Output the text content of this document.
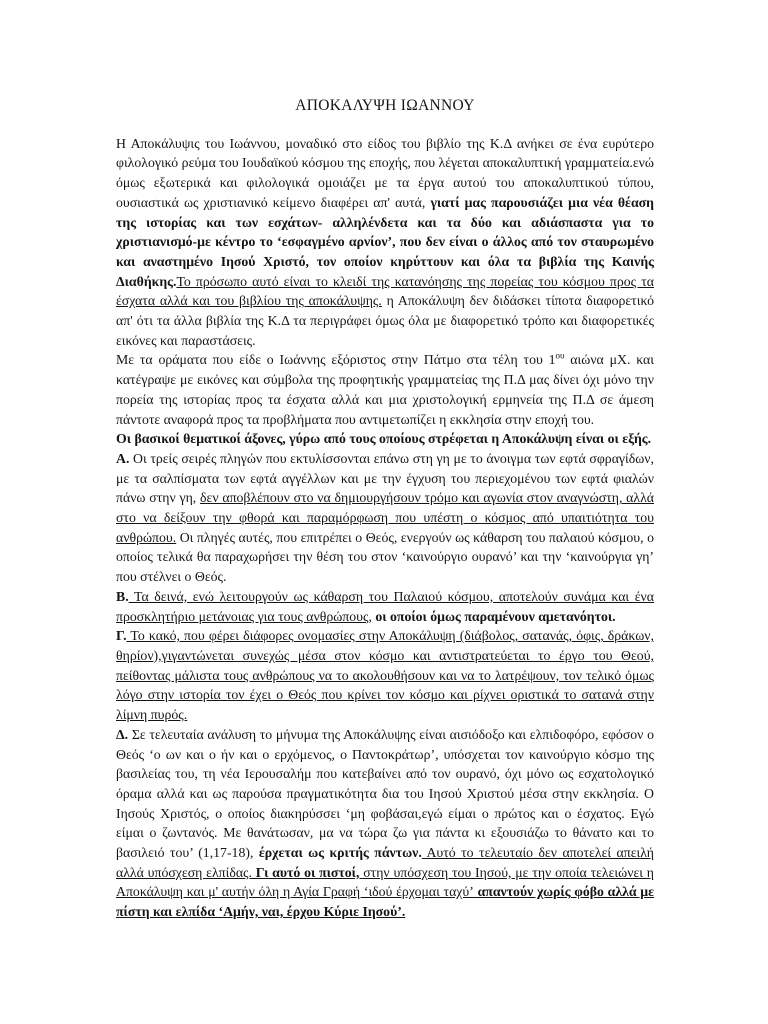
ΑΠΟΚΑΛΥΨΗ ΙΩΑΝΝΟΥ

Η Αποκάλυψις του Ιωάννου, μοναδικό στο είδος του βιβλίο της Κ.Δ ανήκει σε ένα ευρύτερο φιλολογικό ρεύμα του Ιουδαϊκού κόσμου της εποχής, που λέγεται αποκαλυπτική γραμματεία.ενώ όμως εξωτερικά και φιλολογικά ομοιάζει με τα έργα αυτού του αποκαλυπτικού τύπου, ουσιαστικά ως χριστιανικό κείμενο διαφέρει απ' αυτά, γιατί μας παρουσιάζει μια νέα θέαση της ιστορίας και των εσχάτων- αλληλένδετα και τα δύο και αδιάσπαστα για το χριστιανισμό-με κέντρο το ‘εσφαγμένο αρνίον’, που δεν είναι ο άλλος από τον σταυρωμένο και αναστημένο Ιησού Χριστό, τον οποίον κηρύττουν και όλα τα βιβλία της Καινής Διαθήκης.Το πρόσωπο αυτό είναι το κλειδί της κατανόησης της πορείας του κόσμου προς τα έσχατα αλλά και του βιβλίου της αποκάλυψης. η Αποκάλυψη δεν διδάσκει τίποτα διαφορετικό απ' ότι τα άλλα βιβλία της Κ.Δ τα περιγράφει όμως όλα με διαφορετικό τρόπο και διαφορετικές εικόνες και παραστάσεις.

Με τα οράματα που είδε ο Ιωάννης εξόριστος στην Πάτμο στα τέλη του $1^{o\upsilon}$ αιώνα μΧ. και κατέγραψε με εικόνες και σύμβολα της προφητικής γραμματείας της Π.Δ μας δίνει όχι μόνο την πορεία της ιστορίας προς τα έσχατα αλλά και μια χριστολογική ερμηνεία της Π.Δ σε άμεση πάντοτε αναφορά προς τα προβλήματα που αντιμετωπίζει η εκκλησία στην εποχή του.

Οι βασικοί θεματικοί άξονες, γύρω από τους οποίους στρέφεται η Αποκάλυψη είναι οι εξής.

Α. Οι τρείς σειρές πληγών που εκτυλίσσονται επάνω στη γη με το άνοιγμα των εφτά σφραγίδων, με τα σαλπίσματα των εφτά αγγέλλων και με την έγχυση του περιεχομένου των εφτά φιαλών πάνω στην γη, δεν αποβλέπουν στο να δημιουργήσουν τρόμο και αγωνία στον αναγνώστη, αλλά στο να δείξουν την φθορά και παραμόρφωση που υπέστη ο κόσμος από υπαιτιότητα του ανθρώπου. Οι πληγές αυτές, που επιτρέπει ο Θεός, ενεργούν ως κάθαρση του παλαιού κόσμου, ο οποίος τελικά θα παραχωρήσει την θέση του στον ‘καινούργιο ουρανό’ και την ‘καινούργια γη’ που στέλνει ο Θεός.

Β. Τα δεινά, ενώ λειτουργούν ως κάθαρση του Παλαιού κόσμου, αποτελούν συνάμα και ένα προσκλητήριο μετάνοιας για τους ανθρώπους, οι οποίοι όμως παραμένουν αμετανόητοι.

Γ. Το κακό, που φέρει διάφορες ονομασίες στην Αποκάλυψη (διάβολος, σατανάς, όφις, δράκων, θηρίον),γιγαντώνεται συνεχώς μέσα στον κόσμο και αντιστρατεύεται το έργο του Θεού, πείθοντας μάλιστα τους ανθρώπους να το ακολουθήσουν και να το λατρέψουν, τον τελικό όμως λόγο στην ιστορία τον έχει ο Θεός που κρίνει τον κόσμο και ρίχνει οριστικά το σατανά στην λίμνη πυρός.

Δ. Σε τελευταία ανάλυση το μήνυμα της Αποκάλυψης είναι αισιόδοξο και ελπιδοφόρο, εφόσον ο Θεός ‘ο ων και ο ήν και ο ερχόμενος, ο Παντοκράτωρ’, υπόσχεται τον καινούργιο κόσμο της βασιλείας του, τη νέα Ιερουσαλήμ που κατεβαίνει από τον ουρανό, όχι μόνο ως εσχατολογικό όραμα αλλά και ως παρούσα πραγματικότητα δια του Ιησού Χριστού μέσα στην εκκλησία. Ο Ιησούς Χριστός, ο οποίος διακηρύσσει ‘μη φοβάσαι,εγώ είμαι ο πρώτος και ο έσχατος. Εγώ είμαι ο ζωντανός. Με θανάτωσαν, μα να τώρα ζω για πάντα κι εξουσιάζω το θάνατο και το βασιλειό του’ (1,17-18), έρχεται ως κριτής πάντων. Αυτό το τελευταίο δεν αποτελεί απειλή αλλά υπόσχεση ελπίδας. Γι αυτό οι πιστοί, στην υπόσχεση του Ιησού, με την οποία τελειώνει η Αποκάλυψη και μ' αυτήν όλη η Αγία Γραφή ‘ιδού έρχομαι ταχύ’ απαντούν χωρίς φόβο αλλά με πίστη και ελπίδα ‘Αμήν, ναι, έρχου Κύριε Ιησού’.
